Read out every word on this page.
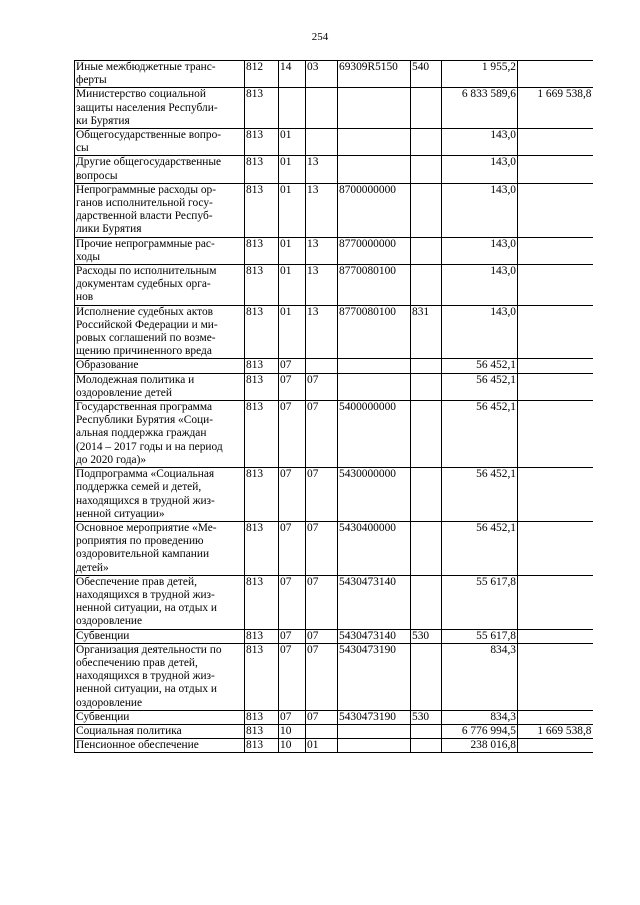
254
Иные межбюджетные транс-
ферты	812	14	03	69309R5150	540	1 955,2	

Министерство социальной
защиты населения Республи-
ки Бурятия	813					6 833 589,6	1 669 538,8

Общегосударственные вопро-
сы	813	01				143,0	

Другие общегосударственные
вопросы	813	01	13			143,0	

Непрограммные расходы ор-
ганов исполнительной госу-
дарственной власти Респуб-
лики Бурятия	813	01	13	8700000000		143,0	

Прочие непрограммные рас-
ходы	813	01	13	8770000000		143,0	

Расходы по исполнительным
документам судебных орга-
нов	813	01	13	8770080100		143,0	

Исполнение судебных актов
Российской Федерации и ми-
ровых соглашений по возме-
щению причиненного вреда	813	01	13	8770080100	831	143,0	

Образование	813	07				56 452,1	

Молодежная политика и
оздоровление детей	813	07	07			56 452,1	

Государственная программа
Республики Бурятия «Соци-
альная поддержка граждан
(2014 – 2017 годы и на период
до 2020 года)»	813	07	07	5400000000		56 452,1	

Подпрограмма «Социальная
поддержка семей и детей,
находящихся в трудной жиз-
ненной ситуации»	813	07	07	5430000000		56 452,1	

Основное мероприятие «Ме-
роприятия по проведению
оздоровительной кампании
детей»	813	07	07	5430400000		56 452,1	

Обеспечение прав детей,
находящихся в трудной жиз-
ненной ситуации, на отдых и
оздоровление	813	07	07	5430473140		55 617,8	

Субвенции	813	07	07	5430473140	530	55 617,8	

Организация деятельности по
обеспечению прав детей,
находящихся в трудной жиз-
ненной ситуации, на отдых и
оздоровление	813	07	07	5430473190		834,3	

Субвенции	813	07	07	5430473190	530	834,3	

Социальная политика	813	10				6 776 994,5	1 669 538,8

Пенсионное обеспечение	813	10	01			238 016,8	
